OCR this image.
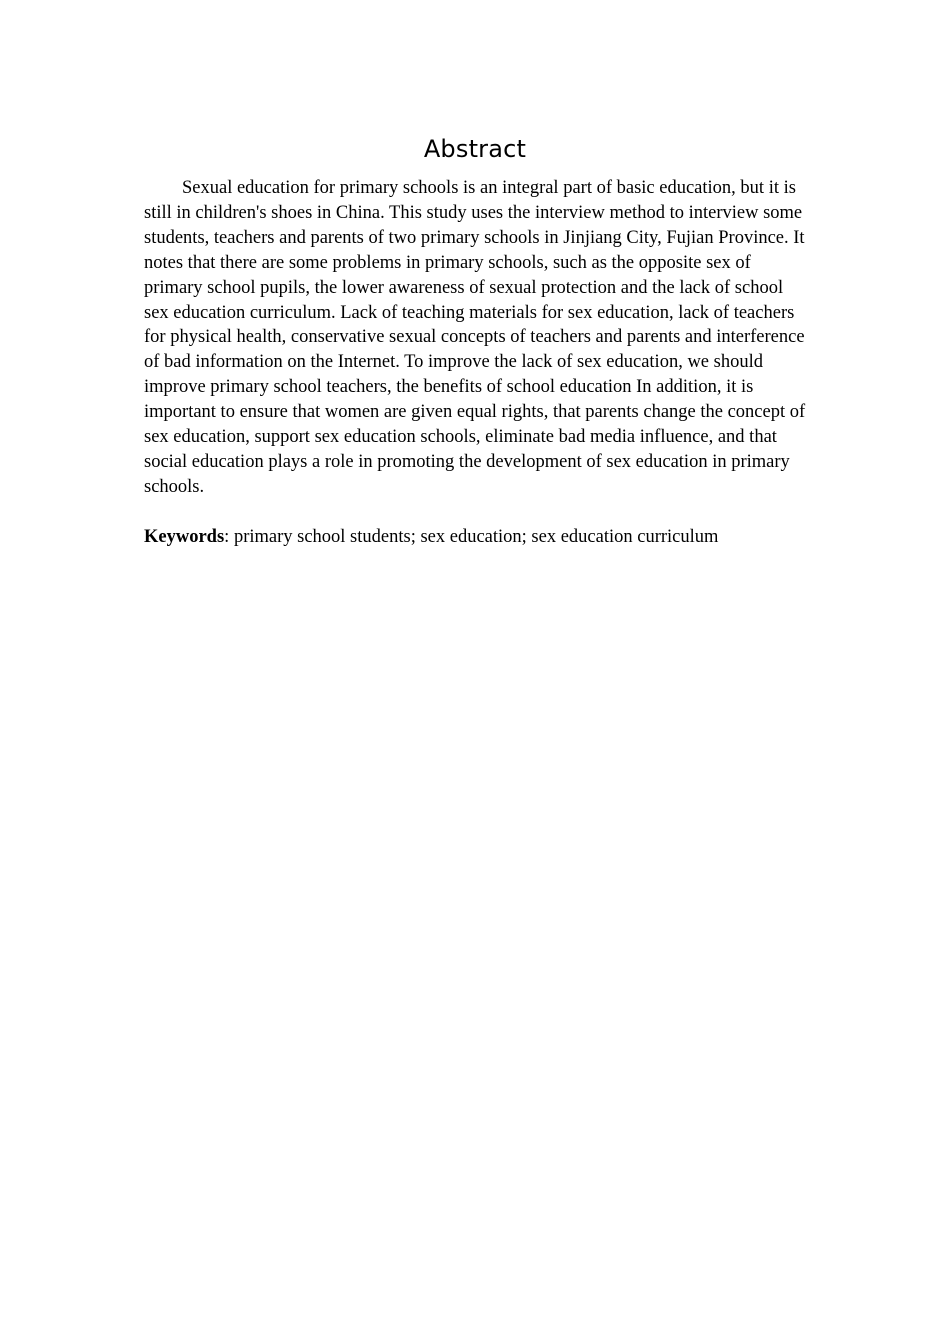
Abstract

Sexual education for primary schools is an integral part of basic education, but it is still in children's shoes in China. This study uses the interview method to interview some students, teachers and parents of two primary schools in Jinjiang City, Fujian Province. It notes that there are some problems in primary schools, such as the opposite sex of primary school pupils, the lower awareness of sexual protection and the lack of school sex education curriculum. Lack of teaching materials for sex education, lack of teachers for physical health, conservative sexual concepts of teachers and parents and interference of bad information on the Internet. To improve the lack of sex education, we should improve primary school teachers, the benefits of school education In addition, it is important to ensure that women are given equal rights, that parents change the concept of sex education, support sex education schools, eliminate bad media influence, and that social education plays a role in promoting the development of sex education in primary schools.

Keywords: primary school students; sex education; sex education curriculum
